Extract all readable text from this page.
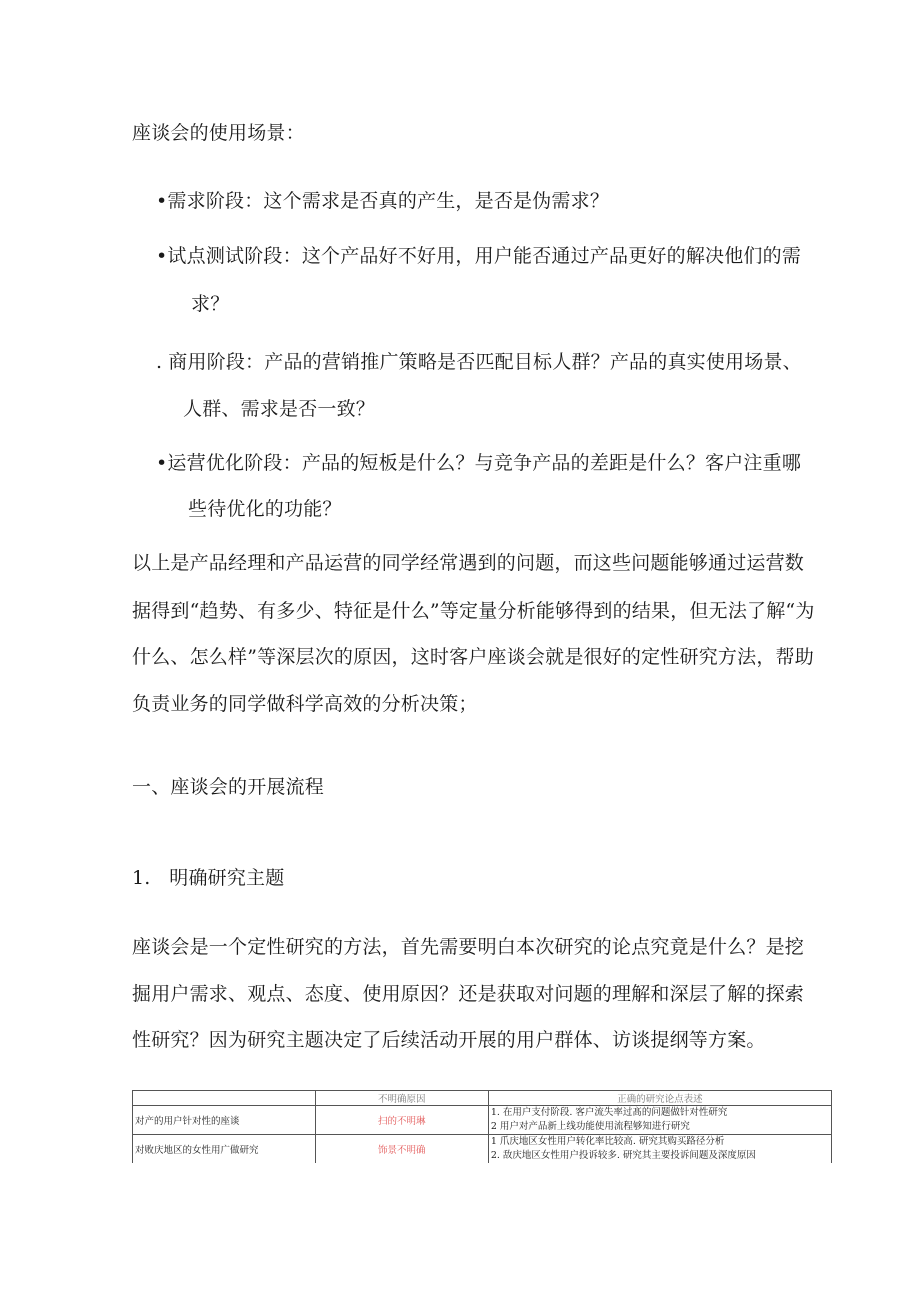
座谈会的使用场景：
•需求阶段：这个需求是否真的产生，是否是伪需求？
•试点测试阶段：这个产品好不好用，用户能否通过产品更好的解决他们的需
求？
. 商用阶段：产品的营销推广策略是否匹配目标人群？产品的真实使用场景、
人群、需求是否一致？
•运营优化阶段：产品的短板是什么？与竞争产品的差距是什么？客户注重哪
些待优化的功能？
以上是产品经理和产品运营的同学经常遇到的问题，而这些问题能够通过运营数
据得到“趋势、有多少、特征是什么”等定量分析能够得到的结果，但无法了解“为
什么、怎么样”等深层次的原因，这时客户座谈会就是很好的定性研究方法，帮助
负责业务的同学做科学高效的分析决策；
一、座谈会的开展流程
1.   明确研究主题
座谈会是一个定性研究的方法，首先需要明白本次研究的论点究竟是什么？是挖
掘用户需求、观点、态度、使用原因？还是获取对问题的理解和深层了解的探索
性研究？因为研究主题决定了后续活动开展的用户群体、访谈提纲等方案。
	不明确原因	正确的研究论点表述
对产的用户针对性的座谈	扫的不明琳	1. 在用户支付阶段. 客户流失率过髙的问题做针对性研究
2 用户对产品新上线功能使用流程够知进行研究

对败庆地区的女性用广做研究	饰景不明确	1 爪庆地区女性用户转化率比较高. 研究其购买路径分析
2. 敌庆地区女性用户投诉较多. 研究其主要投诉间题及深度原因
